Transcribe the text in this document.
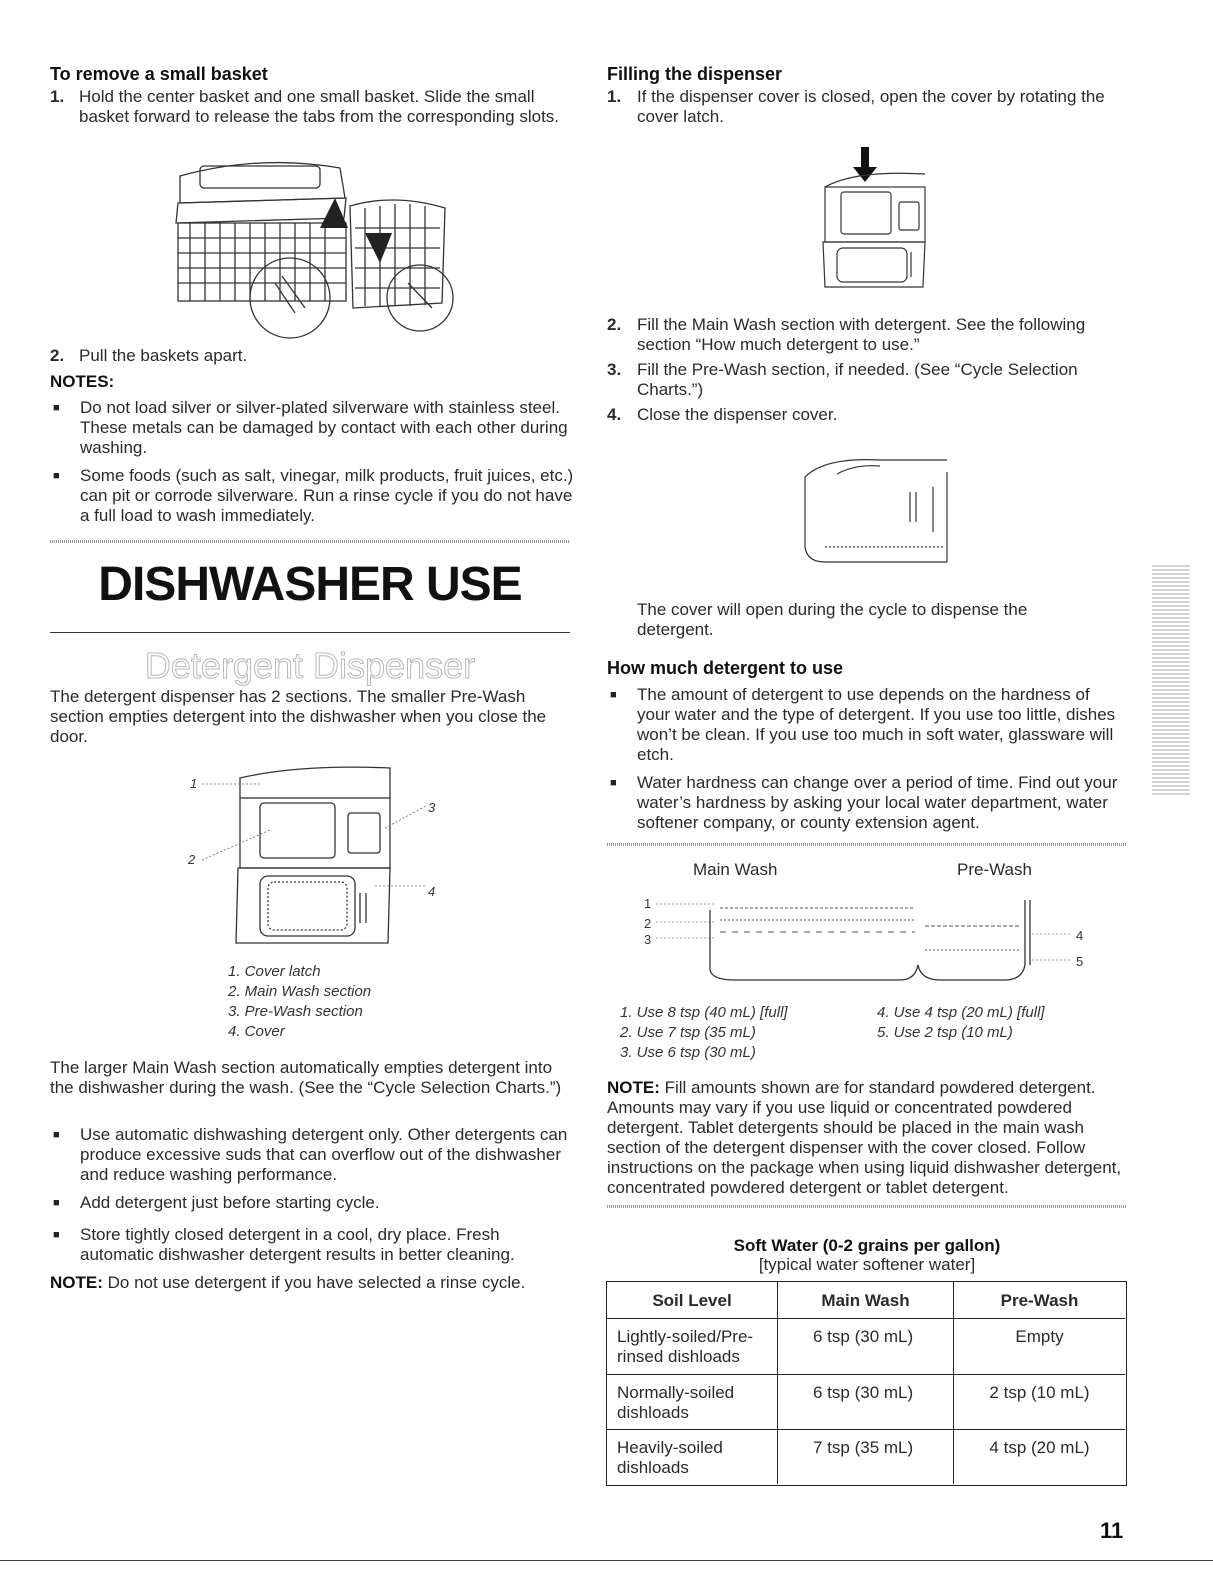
To remove a small basket
1. Hold the center basket and one small basket. Slide the small basket forward to release the tabs from the corresponding slots.
2. Pull the baskets apart.
NOTES:
■ Do not load silver or silver-plated silverware with stainless steel. These metals can be damaged by contact with each other during washing.
■ Some foods (such as salt, vinegar, milk products, fruit juices, etc.) can pit or corrode silverware. Run a rinse cycle if you do not have a full load to wash immediately.
DISHWASHER USE
Detergent Dispenser
The detergent dispenser has 2 sections. The smaller Pre-Wash section empties detergent into the dishwasher when you close the door.
1
2
3
4
1. Cover latch
2. Main Wash section
3. Pre-Wash section
4. Cover
The larger Main Wash section automatically empties detergent into the dishwasher during the wash. (See the “Cycle Selection Charts.”)
■ Use automatic dishwashing detergent only. Other detergents can produce excessive suds that can overflow out of the dishwasher and reduce washing performance.
■ Add detergent just before starting cycle.
■ Store tightly closed detergent in a cool, dry place. Fresh automatic dishwasher detergent results in better cleaning.
NOTE: Do not use detergent if you have selected a rinse cycle.
Filling the dispenser
1. If the dispenser cover is closed, open the cover by rotating the cover latch.
2. Fill the Main Wash section with detergent. See the following section “How much detergent to use.”
3. Fill the Pre-Wash section, if needed. (See “Cycle Selection Charts.”)
4. Close the dispenser cover.
The cover will open during the cycle to dispense the detergent.
How much detergent to use
■ The amount of detergent to use depends on the hardness of your water and the type of detergent. If you use too little, dishes won’t be clean. If you use too much in soft water, glassware will etch.
■ Water hardness can change over a period of time. Find out your water’s hardness by asking your local water department, water softener company, or county extension agent.
Main Wash	Pre-Wash
1
2
3	4
5
1. Use 8 tsp (40 mL) [full]
2. Use 7 tsp (35 mL)
3. Use 6 tsp (30 mL)
4. Use 4 tsp (20 mL) [full]
5. Use 2 tsp (10 mL)
NOTE: Fill amounts shown are for standard powdered detergent. Amounts may vary if you use liquid or concentrated powdered detergent. Tablet detergents should be placed in the main wash section of the detergent dispenser with the cover closed. Follow instructions on the package when using liquid dishwasher detergent, concentrated powdered detergent or tablet detergent.
Soft Water (0-2 grains per gallon)
[typical water softener water]
Soil Level	Main Wash	Pre-Wash
Lightly-soiled/Pre-rinsed dishloads
6 tsp (30 mL)	Empty
Normally-soiled dishloads
6 tsp (30 mL)	2 tsp (10 mL)
Heavily-soiled dishloads
7 tsp (35 mL)	4 tsp (20 mL)
11
